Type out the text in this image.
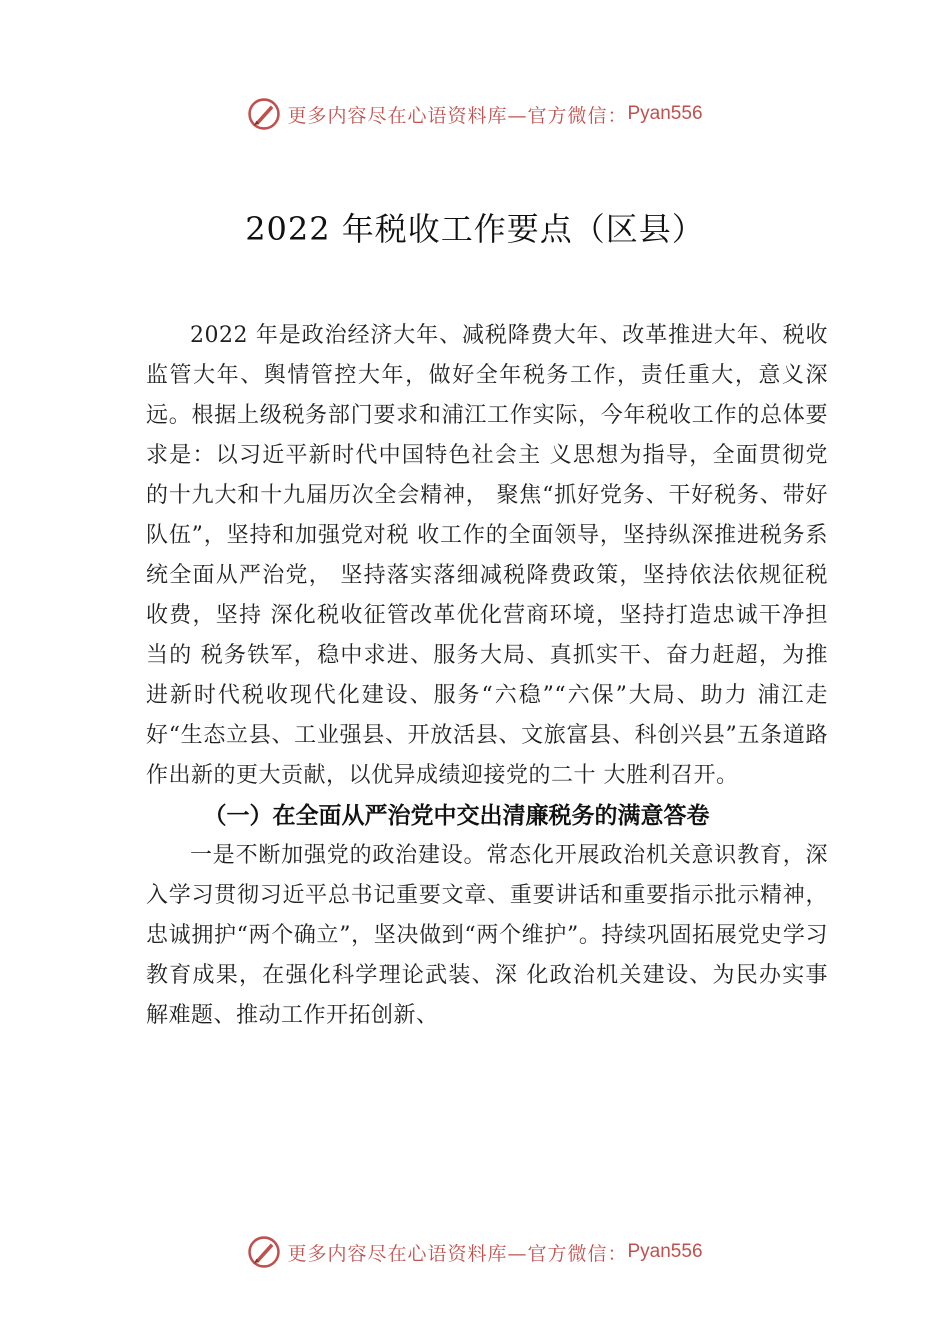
更多内容尽在心语资料库—官方微信： Pyan556
2022 年税收工作要点（区县）

2022 年是政治经济大年、减税降费大年、改革推进大年、税收监管大年、舆情管控大年，做好全年税务工作，责任重大，意义深远。根据上级税务部门要求和浦江工作实际，今年税收工作的总体要求是：以习近平新时代中国特色社会主 义思想为指导，全面贯彻党的十九大和十九届历次全会精神， 聚焦“抓好党务、干好税务、带好队伍”，坚持和加强党对税 收工作的全面领导，坚持纵深推进税务系统全面从严治党， 坚持落实落细减税降费政策，坚持依法依规征税收费，坚持 深化税收征管改革优化营商环境，坚持打造忠诚干净担当的 税务铁军，稳中求进、服务大局、真抓实干、奋力赶超，为推进新时代税收现代化建设、服务“六稳”“六保”大局、助力 浦江走好“生态立县、工业强县、开放活县、文旅富县、科创兴县”五条道路作出新的更大贡献，以优异成绩迎接党的二十 大胜利召开。

（一）在全面从严治党中交出清廉税务的满意答卷

一是不断加强党的政治建设。常态化开展政治机关意识教育，深入学习贯彻习近平总书记重要文章、重要讲话和重要指示批示精神，忠诚拥护“两个确立”，坚决做到“两个维护”。持续巩固拓展党史学习教育成果，在强化科学理论武装、深 化政治机关建设、为民办实事解难题、推动工作开拓创新、

更多内容尽在心语资料库—官方微信： Pyan556
